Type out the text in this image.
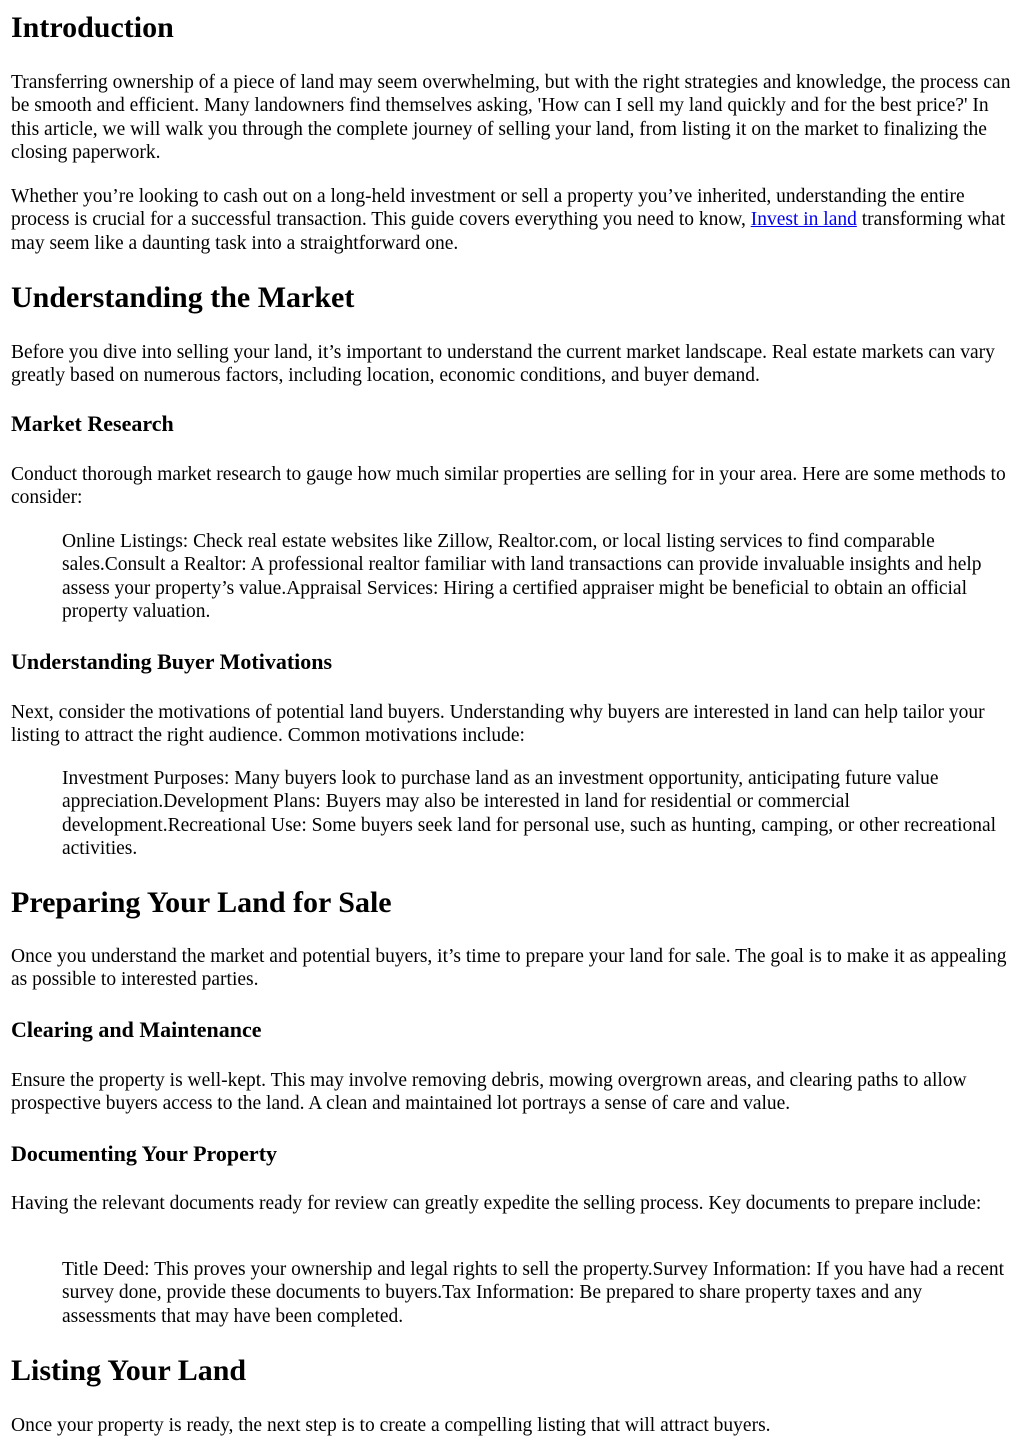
Introduction

Transferring ownership of a piece of land may seem overwhelming, but with the right strategies and knowledge, the process can be smooth and efficient. Many landowners find themselves asking, 'How can I sell my land quickly and for the best price?' In this article, we will walk you through the complete journey of selling your land, from listing it on the market to finalizing the closing paperwork.

Whether you’re looking to cash out on a long-held investment or sell a property you’ve inherited, understanding the entire process is crucial for a successful transaction. This guide covers everything you need to know, Invest in land transforming what may seem like a daunting task into a straightforward one.

Understanding the Market

Before you dive into selling your land, it’s important to understand the current market landscape. Real estate markets can vary greatly based on numerous factors, including location, economic conditions, and buyer demand.

Market Research

Conduct thorough market research to gauge how much similar properties are selling for in your area. Here are some methods to consider:

Online Listings: Check real estate websites like Zillow, Realtor.com, or local listing services to find comparable sales.Consult a Realtor: A professional realtor familiar with land transactions can provide invaluable insights and help assess your property’s value.Appraisal Services: Hiring a certified appraiser might be beneficial to obtain an official property valuation.

Understanding Buyer Motivations

Next, consider the motivations of potential land buyers. Understanding why buyers are interested in land can help tailor your listing to attract the right audience. Common motivations include:

Investment Purposes: Many buyers look to purchase land as an investment opportunity, anticipating future value appreciation.Development Plans: Buyers may also be interested in land for residential or commercial development.Recreational Use: Some buyers seek land for personal use, such as hunting, camping, or other recreational activities.

Preparing Your Land for Sale

Once you understand the market and potential buyers, it’s time to prepare your land for sale. The goal is to make it as appealing as possible to interested parties.

Clearing and Maintenance

Ensure the property is well-kept. This may involve removing debris, mowing overgrown areas, and clearing paths to allow prospective buyers access to the land. A clean and maintained lot portrays a sense of care and value.

Documenting Your Property

Having the relevant documents ready for review can greatly expedite the selling process. Key documents to prepare include:

Title Deed: This proves your ownership and legal rights to sell the property.Survey Information: If you have had a recent survey done, provide these documents to buyers.Tax Information: Be prepared to share property taxes and any assessments that may have been completed.

Listing Your Land

Once your property is ready, the next step is to create a compelling listing that will attract buyers.
